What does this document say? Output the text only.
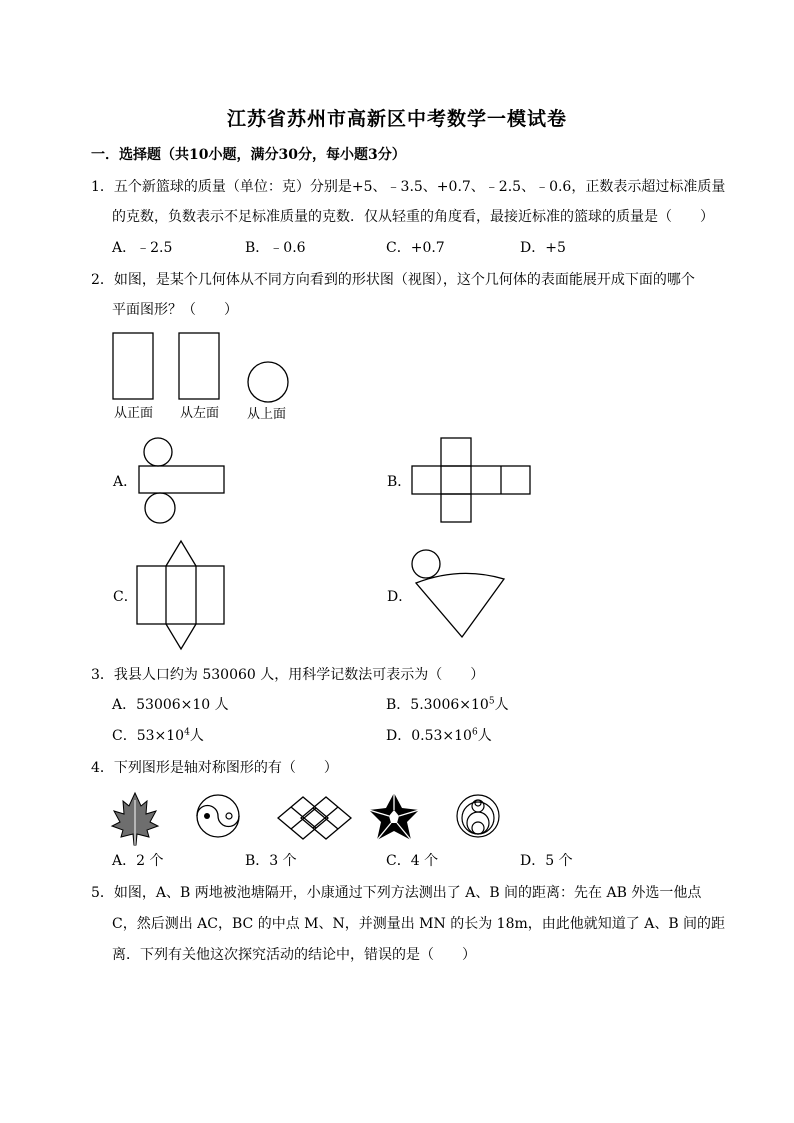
江苏省苏州市高新区中考数学一模试卷
一．选择题（共10小题，满分30分，每小题3分）
1．五个新篮球的质量（单位：克）分别是+5、﹣3.5、+0.7、﹣2.5、﹣0.6，正数表示超过标准质量
的克数，负数表示不足标准质量的克数．仅从轻重的角度看，最接近标准的篮球的质量是（　　）
A．﹣2.5	B．﹣0.6	C．+0.7	D．+5
2．如图，是某个几何体从不同方向看到的形状图（视图），这个几何体的表面能展开成下面的哪个
平面图形？（　　）
从正面 从左面 从上面
A．	B．
C．	D．
3．我县人口约为 530060 人，用科学记数法可表示为（　　）
A．53006×10 人	B．$5.3006\times 10^5$人
C．$53\times 10^4$人	D．$0.53\times 10^6$人
4．下列图形是轴对称图形的有（　　）
A．2 个	B．3 个	C．4 个	D．5 个
5．如图，A、B 两地被池塘隔开，小康通过下列方法测出了 A、B 间的距离：先在 AB 外选一他点
C，然后测出 AC，BC 的中点 M、N，并测量出 MN 的长为 18m，由此他就知道了 A、B 间的距
离．下列有关他这次探究活动的结论中，错误的是（　　）
